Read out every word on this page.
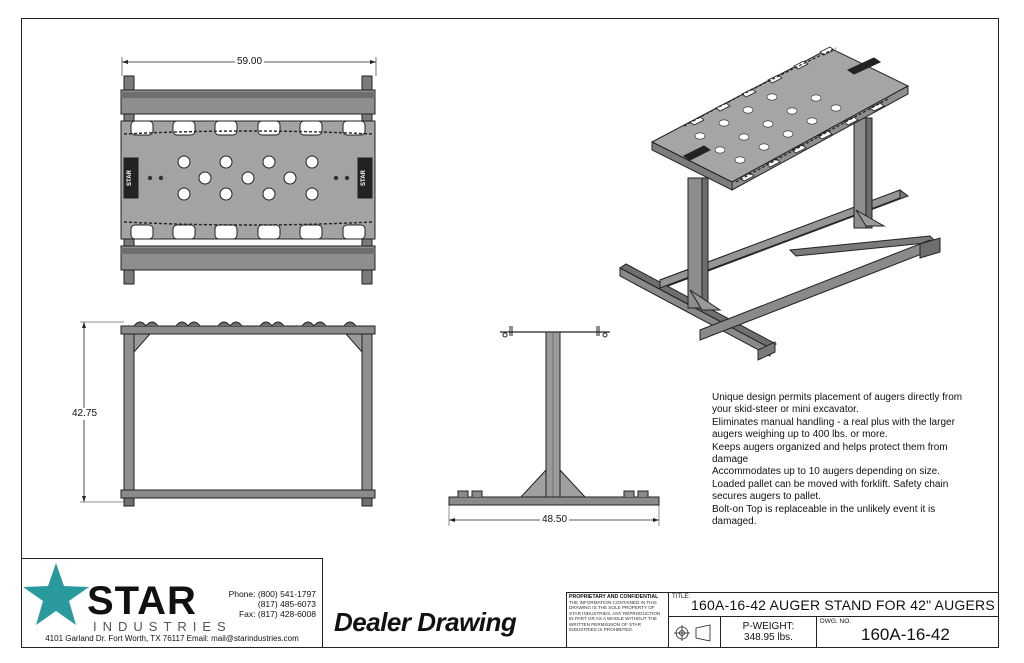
STAR	STAR
59.00
42.75
48.50

Unique design permits placement of augers directly from your skid-steer or mini excavator.

Eliminates manual handling - a real plus with the larger augers weighing up to 400 lbs. or more.

Keeps augers organized and helps protect them from damage

Accommodates up to 10 augers depending on size.

Loaded pallet can be moved with forklift. Safety chain secures augers to pallet.

Bolt-on Top is replaceable in the unlikely event it is damaged.

STAR
INDUSTRIES
Phone: (800) 541-1797
(817) 485-6073
Fax: (817) 428-6008
4101 Garland Dr. Fort Worth, TX 76117 Email: mail@starindustries.com
Dealer Drawing
PROPRIETARY AND CONFIDENTIAL
THE INFORMATION CONTAINED IN THIS DRAWING IS THE SOLE PROPERTY OF STAR INDUSTRIES. ANY REPRODUCTION IN PART OR AS A WHOLE WITHOUT THE WRITTEN PERMISSION OF STAR INDUSTRIES IS PROHIBITED.
TITLE: 160A-16-42 AUGER STAND FOR 42" AUGERS
P-WEIGHT:
348.95 lbs.
DWG. NO.
160A-16-42
